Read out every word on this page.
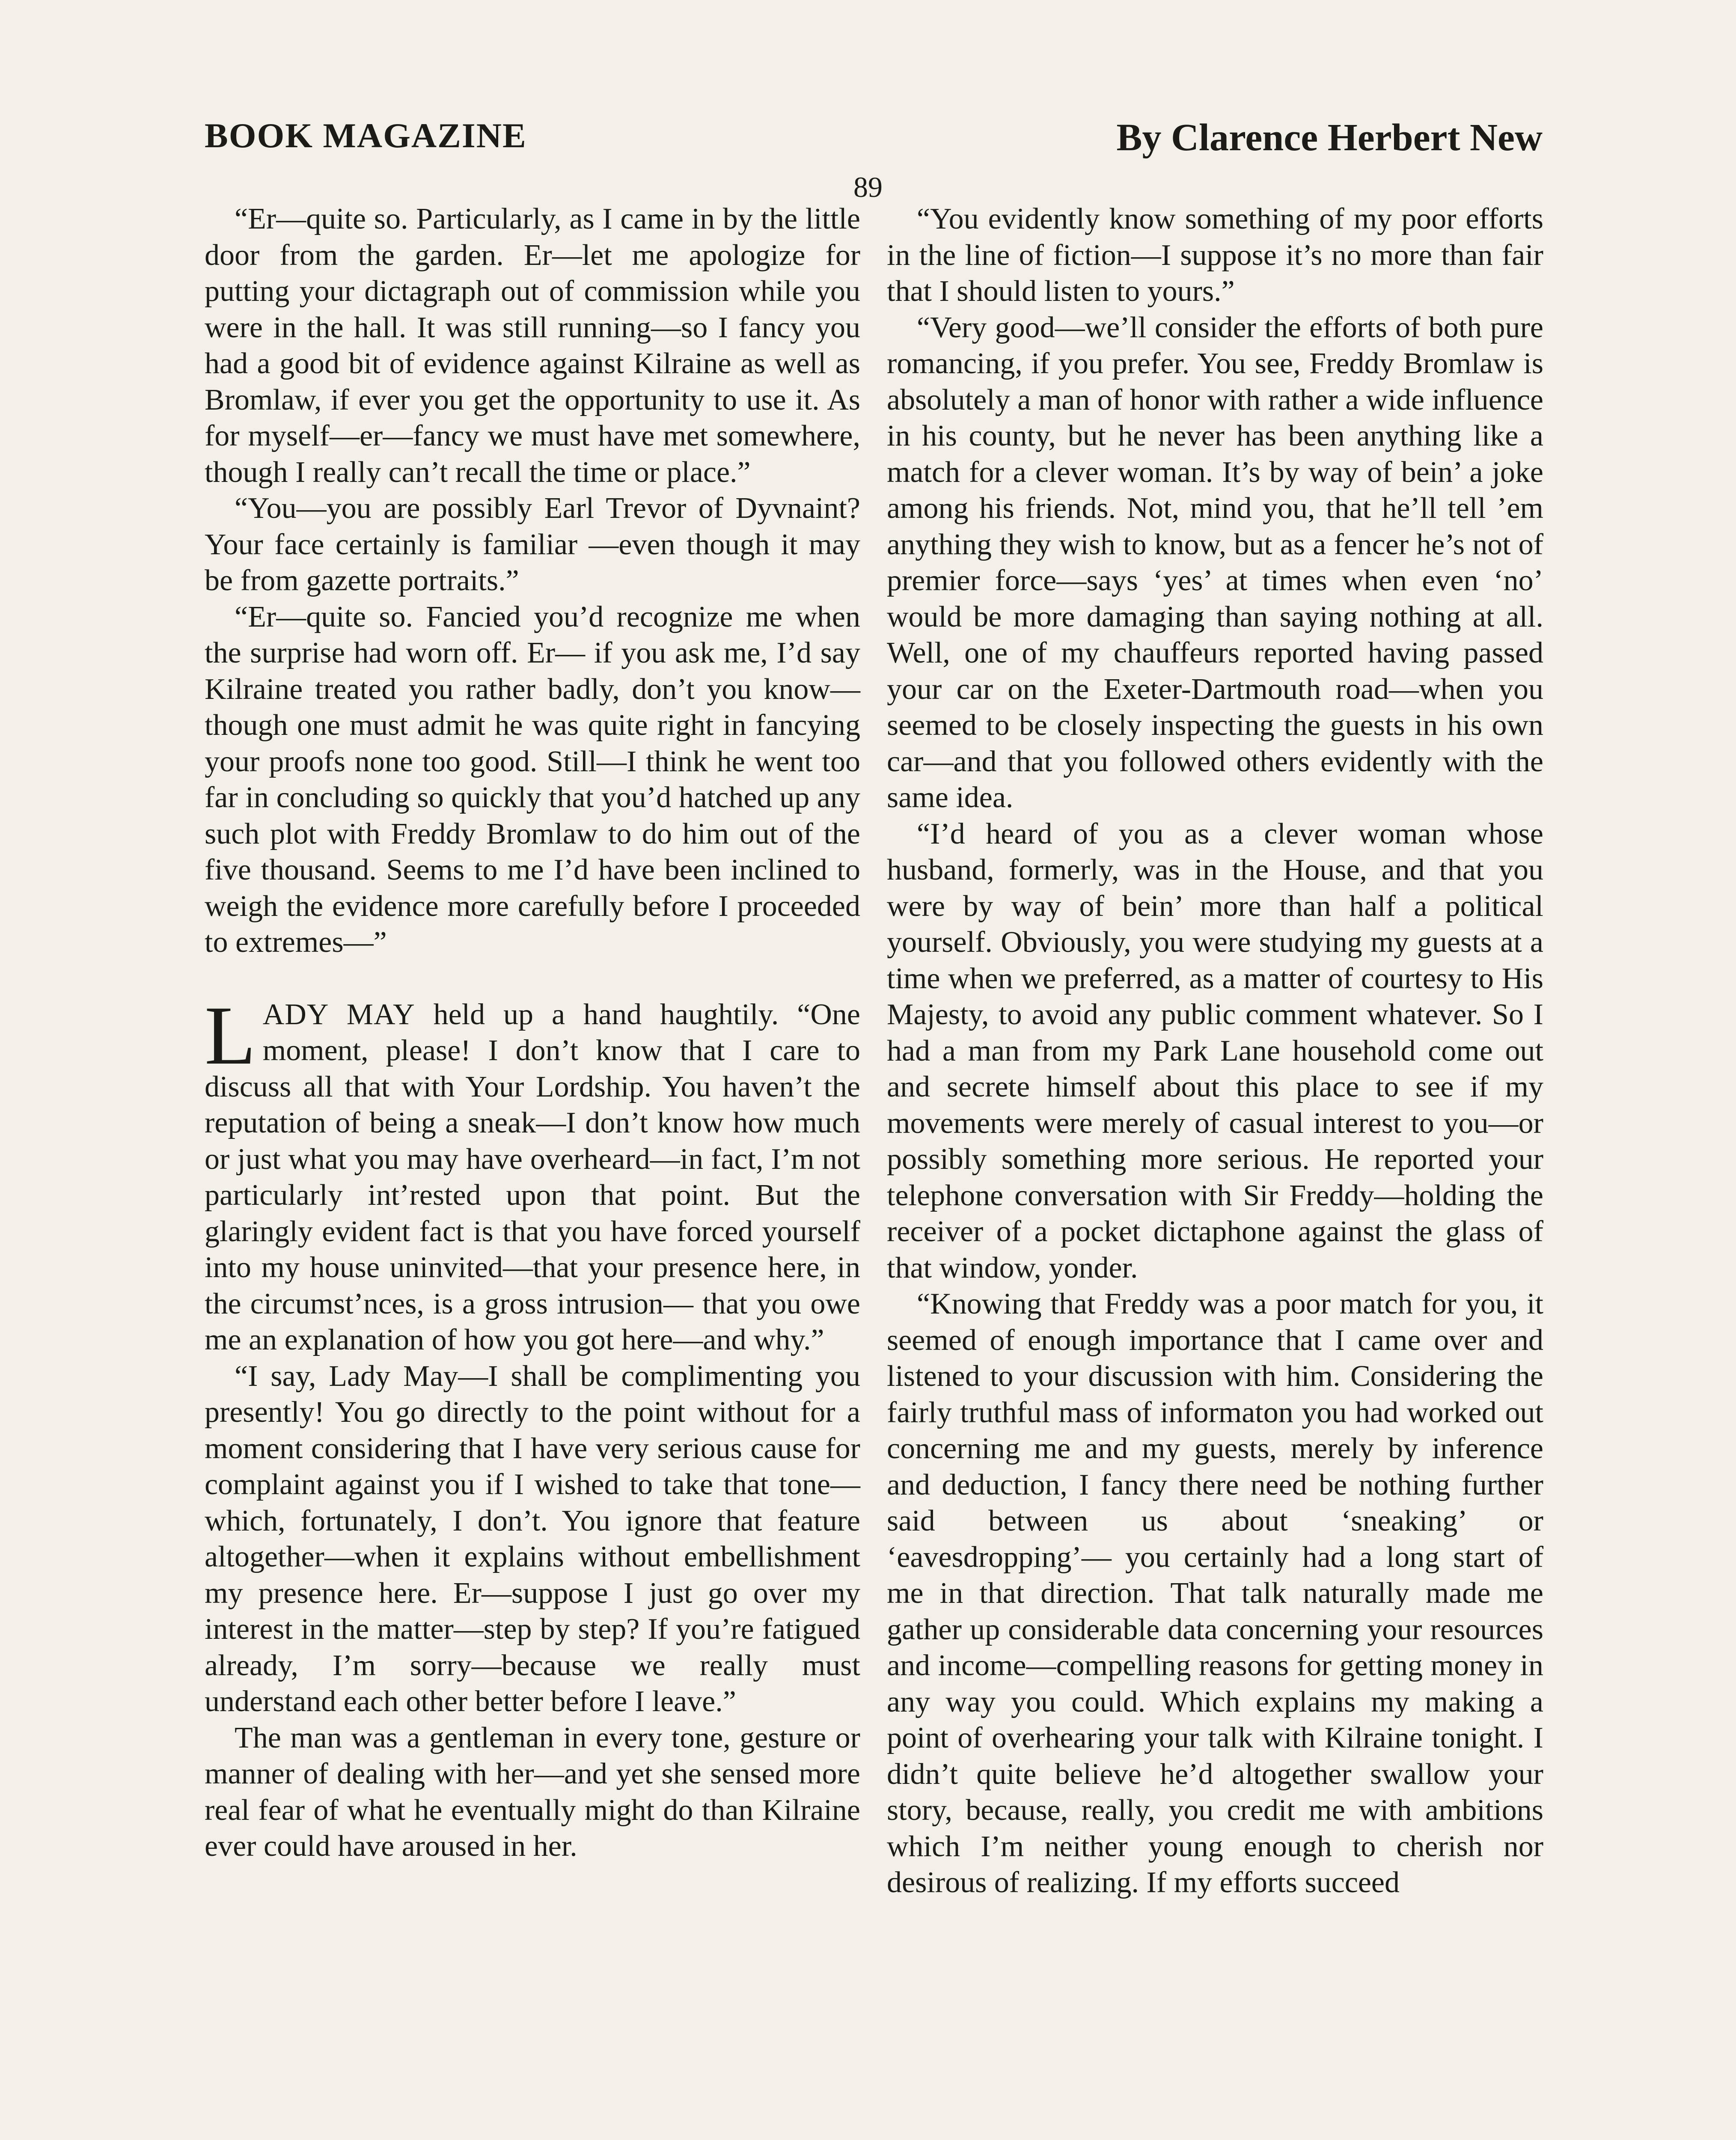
BOOK MAGAZINE	By Clarence Herbert New
89

“Er—quite so. Particularly, as I came in by the little door from the garden. Er—let me apologize for putting your dictagraph out of commission while you were in the hall. It was still running—so I fancy you had a good bit of evidence against Kilraine as well as Bromlaw, if ever you get the opportunity to use it. As for myself—er—fancy we must have met somewhere, though I really can’t recall the time or place.”

“You—you are possibly Earl Trevor of Dyvnaint? Your face certainly is familiar —even though it may be from gazette portraits.”

“Er—quite so. Fancied you’d recognize me when the surprise had worn off. Er— if you ask me, I’d say Kilraine treated you rather badly, don’t you know—though one must admit he was quite right in fancying your proofs none too good. Still—I think he went too far in concluding so quickly that you’d hatched up any such plot with Freddy Bromlaw to do him out of the five thousand. Seems to me I’d have been inclined to weigh the evidence more carefully before I proceeded to extremes—”

LADY MAY held up a hand haughtily. “One moment, please! I don’t know that I care to discuss all that with Your Lordship. You haven’t the reputation of being a sneak—I don’t know how much or just what you may have overheard—in fact, I’m not particularly int’rested upon that point. But the glaringly evident fact is that you have forced yourself into my house uninvited—that your presence here, in the circumst’nces, is a gross intrusion— that you owe me an explanation of how you got here—and why.”

“I say, Lady May—I shall be complimenting you presently! You go directly to the point without for a moment considering that I have very serious cause for complaint against you if I wished to take that tone—which, fortunately, I don’t. You ignore that feature altogether—when it explains without embellishment my presence here. Er—suppose I just go over my interest in the matter—step by step? If you’re fatigued already, I’m sorry—because we really must understand each other better before I leave.”

The man was a gentleman in every tone, gesture or manner of dealing with her—and yet she sensed more real fear of what he eventually might do than Kilraine ever could have aroused in her.

“You evidently know something of my poor efforts in the line of fiction—I suppose it’s no more than fair that I should listen to yours.”

“Very good—we’ll consider the efforts of both pure romancing, if you prefer. You see, Freddy Bromlaw is absolutely a man of honor with rather a wide influence in his county, but he never has been anything like a match for a clever woman. It’s by way of bein’ a joke among his friends. Not, mind you, that he’ll tell ’em anything they wish to know, but as a fencer he’s not of premier force—says ‘yes’ at times when even ‘no’ would be more damaging than saying nothing at all. Well, one of my chauffeurs reported having passed your car on the Exeter-Dartmouth road—when you seemed to be closely inspecting the guests in his own car—and that you followed others evidently with the same idea.

“I’d heard of you as a clever woman whose husband, formerly, was in the House, and that you were by way of bein’ more than half a political yourself. Obviously, you were studying my guests at a time when we preferred, as a matter of courtesy to His Majesty, to avoid any public comment whatever. So I had a man from my Park Lane household come out and secrete himself about this place to see if my movements were merely of casual interest to you—or possibly something more serious. He reported your telephone conversation with Sir Freddy—holding the receiver of a pocket dictaphone against the glass of that window, yonder.

“Knowing that Freddy was a poor match for you, it seemed of enough importance that I came over and listened to your discussion with him. Considering the fairly truthful mass of informaton you had worked out concerning me and my guests, merely by inference and deduction, I fancy there need be nothing further said between us about ‘sneaking’ or ‘eavesdropping’— you certainly had a long start of me in that direction. That talk naturally made me gather up considerable data concerning your resources and income—compelling reasons for getting money in any way you could. Which explains my making a point of overhearing your talk with Kilraine tonight. I didn’t quite believe he’d altogether swallow your story, because, really, you credit me with ambitions which I’m neither young enough to cherish nor desirous of realizing. If my efforts succeed
